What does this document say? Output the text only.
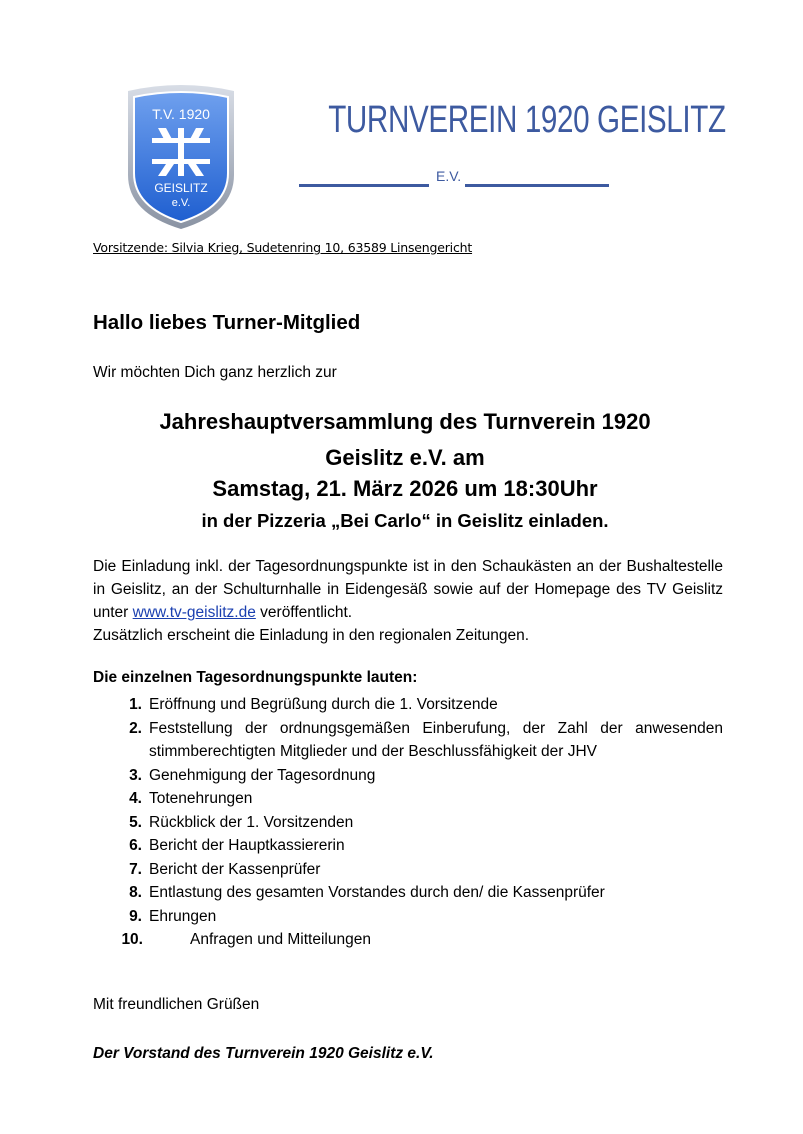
T.V. 1920
GEISLITZ
e.V.
TURNVEREIN 1920 GEISLITZ
E.V.
Vorsitzende: Silvia Krieg, Sudetenring 10, 63589 Linsengericht
Hallo liebes Turner-Mitglied
Wir möchten Dich ganz herzlich zur
Jahreshauptversammlung des Turnverein 1920
Geislitz e.V. am
Samstag, 21. März 2026 um 18:30Uhr
in der Pizzeria „Bei Carlo“ in Geislitz einladen.
Die Einladung inkl. der Tagesordnungspunkte ist in den Schaukästen an der Bushaltestelle in Geislitz, an der Schulturnhalle in Eidengesäß sowie auf der Homepage des TV Geislitz unter www.tv-geislitz.de veröffentlicht.
Zusätzlich erscheint die Einladung in den regionalen Zeitungen.
Die einzelnen Tagesordnungspunkte lauten:
1. Eröffnung und Begrüßung durch die 1. Vorsitzende
2. Feststellung der ordnungsgemäßen Einberufung, der Zahl der anwesenden stimmberechtigten Mitglieder und der Beschlussfähigkeit der JHV
3. Genehmigung der Tagesordnung
4. Totenehrungen
5. Rückblick der 1. Vorsitzenden
6. Bericht der Hauptkassiererin
7. Bericht der Kassenprüfer
8. Entlastung des gesamten Vorstandes durch den/ die Kassenprüfer
9. Ehrungen
10.	Anfragen und Mitteilungen
Mit freundlichen Grüßen
Der Vorstand des Turnverein 1920 Geislitz e.V.
